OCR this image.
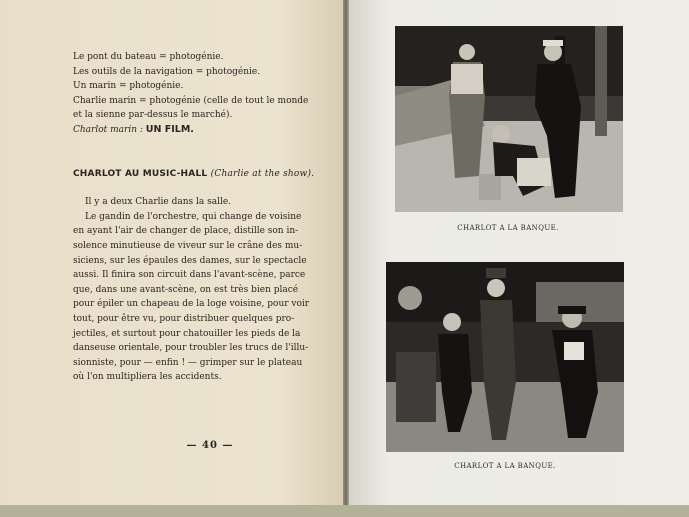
Le pont du bateau = photogénie.

Les outils de la navigation = photogénie.

Un marin = photogénie.

Charlie marin = photogénie (celle de tout le monde

et la sienne par-dessus le marché).

Charlot marin : UN FILM.

CHARLOT AU MUSIC-HALL (Charlie at the show).

Il y a deux Charlie dans la salle.

Le gandin de l'orchestre, qui change de voisine

en ayant l'air de changer de place, distille son in-

solence minutieuse de viveur sur le crâne des mu-

siciens, sur les épaules des dames, sur le spectacle

aussi. Il finira son circuit dans l'avant-scène, parce

que, dans une avant-scène, on est très bien placé

pour épiler un chapeau de la loge voisine, pour voir

tout, pour être vu, pour distribuer quelques pro-

jectiles, et surtout pour chatouiller les pieds de la

danseuse orientale, pour troubler les trucs de l'illu-

sionniste, pour — enfin ! — grimper sur le plateau

où l'on multipliera les accidents.

— 40 —
CHARLOT A LA BANQUE.
CHARLOT A LA BANQUE.
